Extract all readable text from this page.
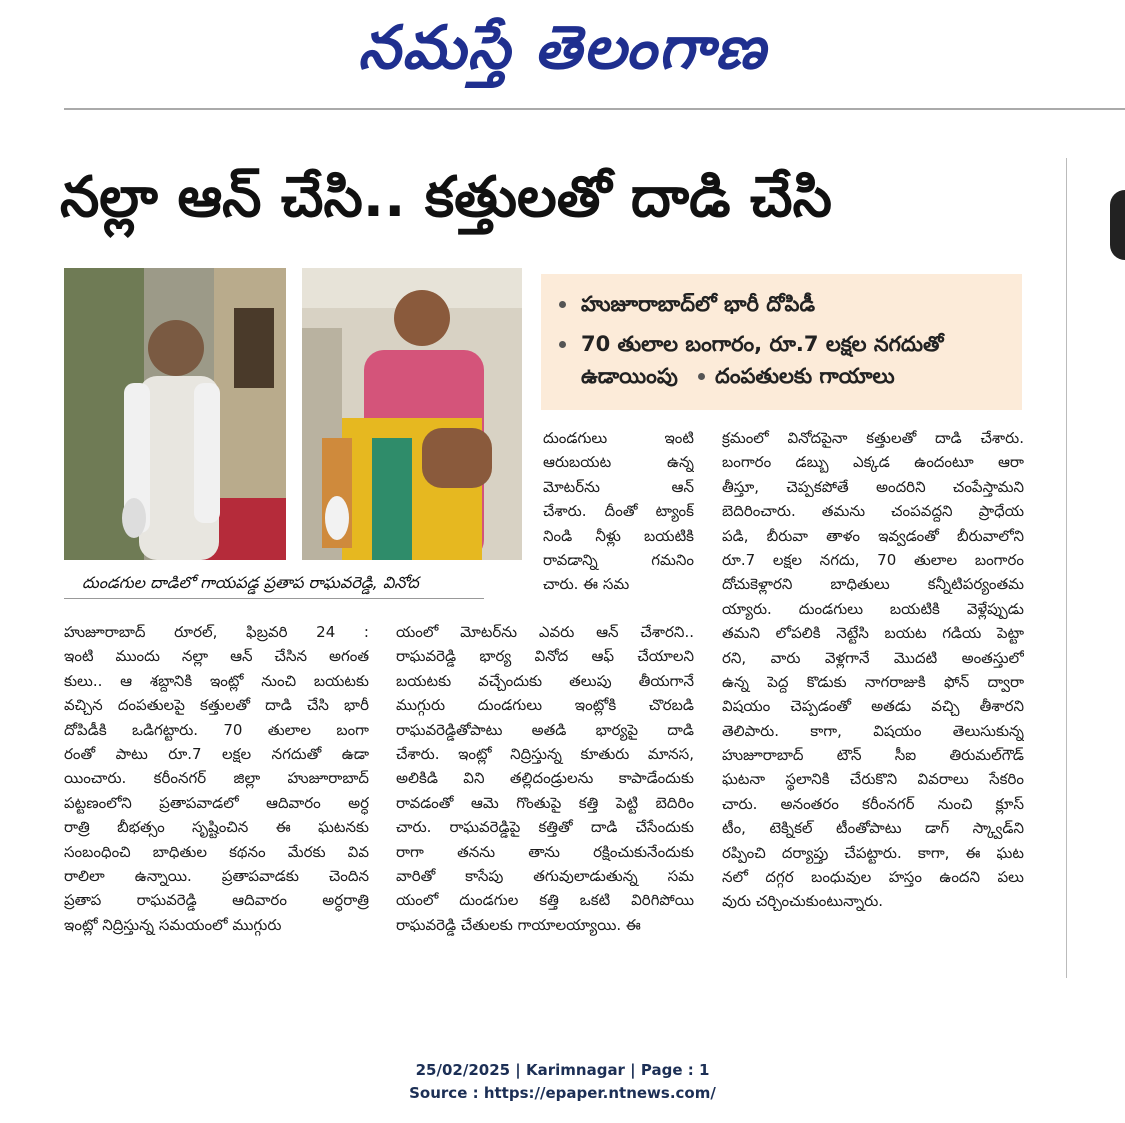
నమస్తే తెలంగాణ
నల్లా ఆన్ చేసి.. కత్తులతో దాడి చేసి
దుండగుల దాడిలో గాయపడ్డ ప్రతాప రాఘవరెడ్డి, వినోద
హుజూరాబాద్‌లో భారీ దోపిడీ
70 తులాల బంగారం, రూ.7 లక్షల నగదుతో
ఉడాయింపు దంపతులకు గాయాలు
దుండగులు ఇంటి
ఆరుబయట ఉన్న
మోటర్‌ను ఆన్
చేశారు. దీంతో ట్యాంక్
నిండి నీళ్లు బయటికి
రావడాన్ని గమనిం
చారు. ఈ సమ
హుజూరాబాద్ రూరల్, ఫిబ్రవరి 24 :
ఇంటి ముందు నల్లా ఆన్ చేసిన అగంత
కులు.. ఆ శబ్దానికి ఇంట్లో నుంచి బయటకు
వచ్చిన దంపతులపై కత్తులతో దాడి చేసి భారీ
దోపిడీకి ఒడిగట్టారు. 70 తులాల బంగా
రంతో పాటు రూ.7 లక్షల నగదుతో ఉడా
యించారు. కరీంనగర్ జిల్లా హుజూరాబాద్
పట్టణంలోని ప్రతాపవాడలో ఆదివారం అర్ధ
రాత్రి బీభత్సం సృష్టించిన ఈ ఘటనకు
సంబంధించి బాధితుల కథనం మేరకు వివ
రాలిలా ఉన్నాయి. ప్రతాపవాడకు చెందిన
ప్రతాప రాఘవరెడ్డి ఆదివారం అర్ధరాత్రి
ఇంట్లో నిద్రిస్తున్న సమయంలో ముగ్గురు
యంలో మోటర్‌ను ఎవరు ఆన్ చేశారని..
రాఘవరెడ్డి భార్య వినోద ఆఫ్ చేయాలని
బయటకు వచ్చేందుకు తలుపు తీయగానే
ముగ్గురు దుండగులు ఇంట్లోకి చొరబడి
రాఘవరెడ్డితోపాటు అతడి భార్యపై దాడి
చేశారు. ఇంట్లో నిద్రిస్తున్న కూతురు మానస,
అలికిడి విని తల్లిదండ్రులను కాపాడేందుకు
రావడంతో ఆమె గొంతుపై కత్తి పెట్టి బెదిరిం
చారు. రాఘవరెడ్డిపై కత్తితో దాడి చేసేందుకు
రాగా తనను తాను రక్షించుకునేందుకు
వారితో కాసేపు తగువులాడుతున్న సమ
యంలో దుండగుల కత్తి ఒకటి విరిగిపోయి
రాఘవరెడ్డి చేతులకు గాయాలయ్యాయి. ఈ
క్రమంలో వినోదపైనా కత్తులతో దాడి చేశారు.
బంగారం డబ్బు ఎక్కడ ఉందంటూ ఆరా
తీస్తూ, చెప్పకపోతే అందరిని చంపేస్తామని
బెదిరించారు. తమను చంపవద్దని ప్రాధేయ
పడి, బీరువా తాళం ఇవ్వడంతో బీరువాలోని
రూ.7 లక్షల నగదు, 70 తులాల బంగారం
దోచుకెళ్లారని బాధితులు కన్నీటిపర్యంతమ
య్యారు. దుండగులు బయటికి వెళ్లేప్పుడు
తమని లోపలికి నెట్టేసి బయట గడియ పెట్టా
రని, వారు వెళ్లగానే మొదటి అంతస్తులో
ఉన్న పెద్ద కొడుకు నాగరాజుకి ఫోన్ ద్వారా
విషయం చెప్పడంతో అతడు వచ్చి తీశారని
తెలిపారు. కాగా, విషయం తెలుసుకున్న
హుజూరాబాద్ టౌన్ సీఐ తిరుమల్‌గౌడ్
ఘటనా స్థలానికి చేరుకొని వివరాలు సేకరిం
చారు. అనంతరం కరీంనగర్ నుంచి క్లూస్
టీం, టెక్నికల్ టీంతోపాటు డాగ్ స్క్వాడ్‌ని
రప్పించి దర్యాప్తు చేపట్టారు. కాగా, ఈ ఘట
నలో దగ్గర బంధువుల హస్తం ఉందని పలు
వురు చర్చించుకుంటున్నారు.
25/02/2025 | Karimnagar | Page : 1
Source : https://epaper.ntnews.com/
